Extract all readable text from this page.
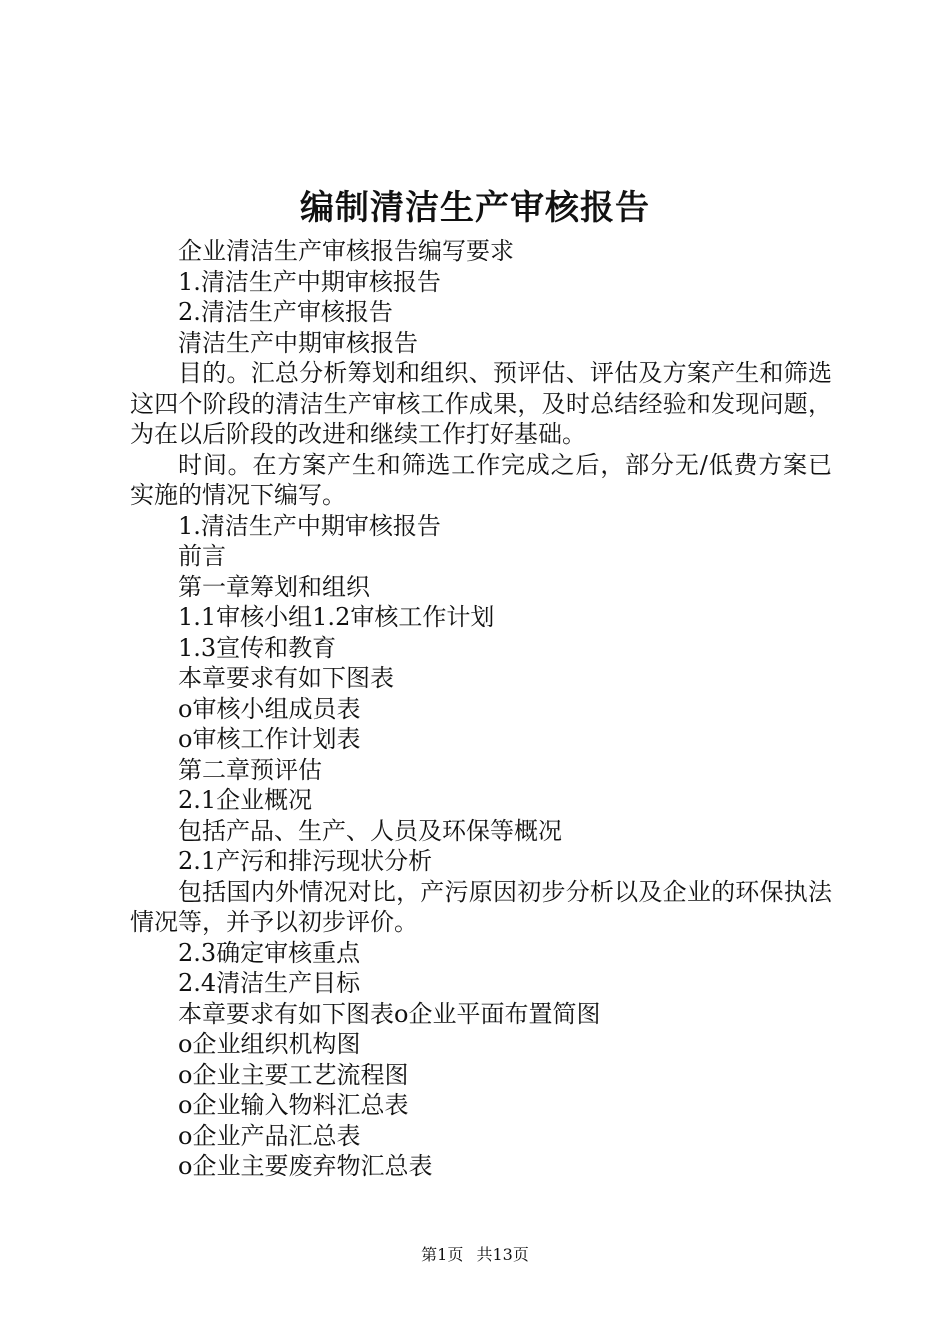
编制清洁生产审核报告

企业清洁生产审核报告编写要求

1.清洁生产中期审核报告

2.清洁生产审核报告

清洁生产中期审核报告

目的。汇总分析筹划和组织、预评估、评估及方案产生和筛选这四个阶段的清洁生产审核工作成果，及时总结经验和发现问题，为在以后阶段的改进和继续工作打好基础。

时间。在方案产生和筛选工作完成之后，部分无/低费方案已实施的情况下编写。

1.清洁生产中期审核报告

前言

第一章筹划和组织

1.1审核小组1.2审核工作计划

1.3宣传和教育

本章要求有如下图表

o审核小组成员表

o审核工作计划表

第二章预评估

2.1企业概况

包括产品、生产、人员及环保等概况

2.1产污和排污现状分析

包括国内外情况对比，产污原因初步分析以及企业的环保执法情况等，并予以初步评价。

2.3确定审核重点

2.4清洁生产目标

本章要求有如下图表o企业平面布置简图

o企业组织机构图

o企业主要工艺流程图

o企业输入物料汇总表

o企业产品汇总表

o企业主要废弃物汇总表

第1页 共13页
